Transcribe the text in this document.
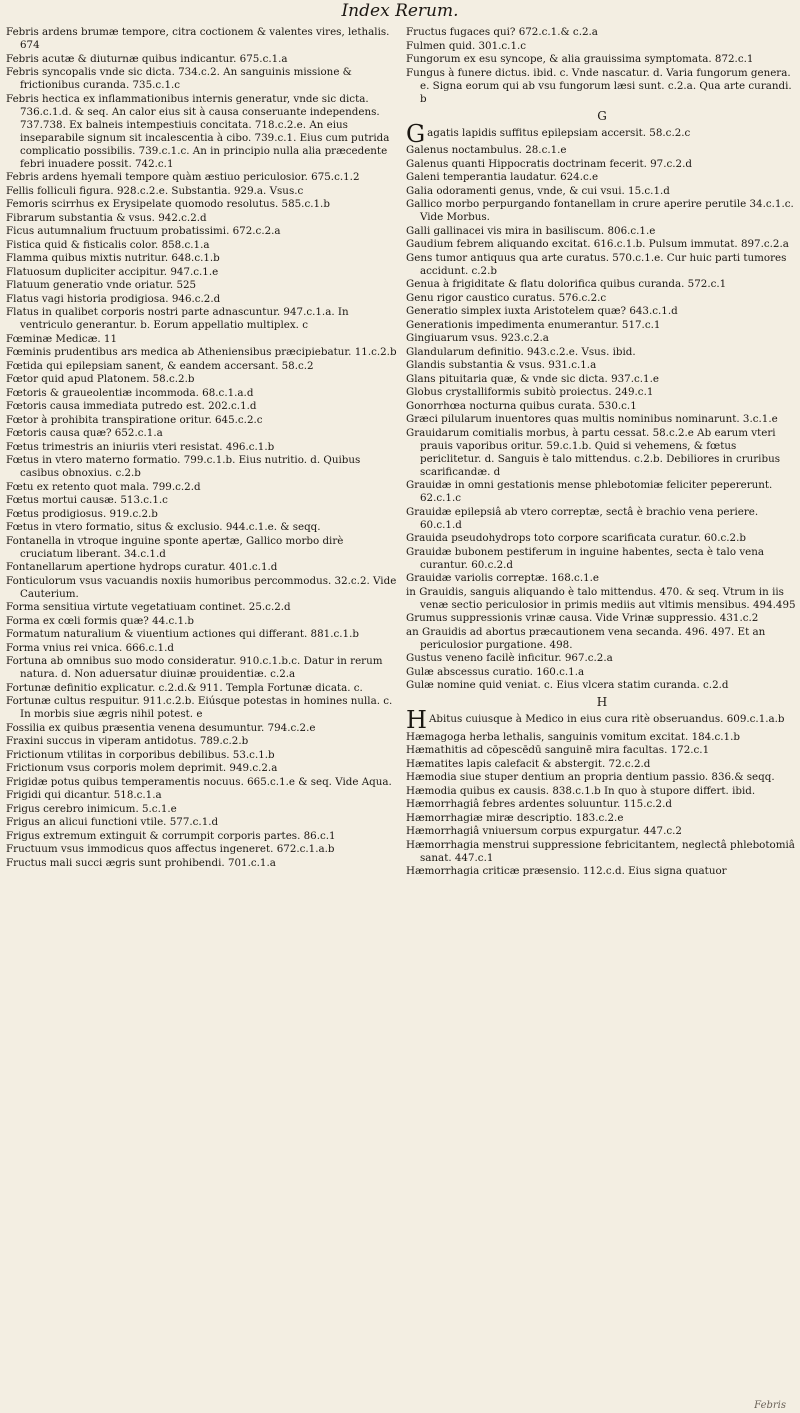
Index Rerum.
Febris ardens brumæ tempore, citra coctionem & valentes vires, lethalis. 674
Febris acutæ & diuturnæ quibus indicantur. 675.c.1.a
Febris syncopalis vnde sic dicta. 734.c.2. An sanguinis missione & frictionibus curanda. 735.c.1.c
Febris hectica ex inflammationibus internis generatur, vnde sic dicta. 736.c.1.d. & seq. An calor eius sit à causa conseruante independens. 737.738. Ex balneis intempestiuis concitata. 718.c.2.e. An eius inseparabile signum sit incalescentia à cibo. 739.c.1. Eius cum putrida complicatio possibilis. 739.c.1.c. An in principio nulla alia præcedente febri inuadere possit. 742.c.1
Febris ardens hyemali tempore quàm æstiuo periculosior. 675.c.1.2
Fellis folliculi figura. 928.c.2.e. Substantia. 929.a. Vsus.c
Femoris scirrhus ex Erysipelate quomodo resolutus. 585.c.1.b
Fibrarum substantia & vsus. 942.c.2.d
Ficus autumnalium fructuum probatissimi. 672.c.2.a
Fistica quid & fisticalis color. 858.c.1.a
Flamma quibus mixtis nutritur. 648.c.1.b
Flatuosum dupliciter accipitur. 947.c.1.e
Flatuum generatio vnde oriatur. 525
Flatus vagi historia prodigiosa. 946.c.2.d
Flatus in qualibet corporis nostri parte adnascuntur. 947.c.1.a. In ventriculo generantur. b. Eorum appellatio multiplex. c
Fœminæ Medicæ. 11
Fœminis prudentibus ars medica ab Atheniensibus præcipiebatur. 11.c.2.b
Fœtida qui epilepsiam sanent, & eandem accersant. 58.c.2
Fœtor quid apud Platonem. 58.c.2.b
Fœtoris & graueolentiæ incommoda. 68.c.1.a.d
Fœtoris causa immediata putredo est. 202.c.1.d
Fœtor à prohibita transpiratione oritur. 645.c.2.c
Fœtoris causa quæ? 652.c.1.a
Fœtus trimestris an iniuriis vteri resistat. 496.c.1.b
Fœtus in vtero materno formatio. 799.c.1.b. Eius nutritio. d. Quibus casibus obnoxius. c.2.b
Fœtu ex retento quot mala. 799.c.2.d
Fœtus mortui causæ. 513.c.1.c
Fœtus prodigiosus. 919.c.2.b
Fœtus in vtero formatio, situs & exclusio. 944.c.1.e. & seqq.
Fontanella in vtroque inguine sponte apertæ, Gallico morbo dirè cruciatum liberant. 34.c.1.d
Fontanellarum apertione hydrops curatur. 401.c.1.d
Fonticulorum vsus vacuandis noxiis humoribus percommodus. 32.c.2. Vide Cauterium.
Forma sensitiua virtute vegetatiuam continet. 25.c.2.d
Forma ex cœli formis quæ? 44.c.1.b
Formatum naturalium & viuentium actiones qui differant. 881.c.1.b
Forma vnius rei vnica. 666.c.1.d
Fortuna ab omnibus suo modo consideratur. 910.c.1.b.c. Datur in rerum natura. d. Non aduersatur diuinæ prouidentiæ. c.2.a
Fortunæ definitio explicatur. c.2.d.& 911. Templa Fortunæ dicata. c.
Fortunæ cultus respuitur. 911.c.2.b. Eiúsque potestas in homines nulla. c. In morbis siue ægris nihil potest. e
Fossilia ex quibus præsentia venena desumuntur. 794.c.2.e
Fraxini succus in viperam antidotus. 789.c.2.b
Frictionum vtilitas in corporibus debilibus. 53.c.1.b
Frictionum vsus corporis molem deprimit. 949.c.2.a
Frigidæ potus quibus temperamentis nocuus. 665.c.1.e & seq. Vide Aqua.
Frigidi qui dicantur. 518.c.1.a
Frigus cerebro inimicum. 5.c.1.e
Frigus an alicui functioni vtile. 577.c.1.d
Frigus extremum extinguit & corrumpit corporis partes. 86.c.1
Fructuum vsus immodicus quos affectus ingeneret. 672.c.1.a.b
Fructus mali succi ægris sunt prohibendi. 701.c.1.a
Fructus fugaces qui? 672.c.1.& c.2.a
Fulmen quid. 301.c.1.c
Fungorum ex esu syncope, & alia grauissima symptomata. 872.c.1
Fungus à funere dictus. ibid. c. Vnde nascatur. d. Varia fungorum genera. e. Signa eorum qui ab vsu fungorum læsi sunt. c.2.a. Qua arte curandi. b
G
Gagatis lapidis suffitus epilepsiam accersit. 58.c.2.c
Galenus noctambulus. 28.c.1.e
Galenus quanti Hippocratis doctrinam fecerit. 97.c.2.d
Galeni temperantia laudatur. 624.c.e
Galia odoramenti genus, vnde, & cui vsui. 15.c.1.d
Gallico morbo perpurgando fontanellam in crure aperire perutile 34.c.1.c. Vide Morbus.
Galli gallinacei vis mira in basiliscum. 806.c.1.e
Gaudium febrem aliquando excitat. 616.c.1.b. Pulsum immutat. 897.c.2.a
Gens tumor antiquus qua arte curatus. 570.c.1.e. Cur huic parti tumores accidunt. c.2.b
Genua à frigiditate & flatu dolorifica quibus curanda. 572.c.1
Genu rigor caustico curatus. 576.c.2.c
Generatio simplex iuxta Aristotelem quæ? 643.c.1.d
Generationis impedimenta enumerantur. 517.c.1
Gingiuarum vsus. 923.c.2.a
Glandularum definitio. 943.c.2.e. Vsus. ibid.
Glandis substantia & vsus. 931.c.1.a
Glans pituitaria quæ, & vnde sic dicta. 937.c.1.e
Globus crystalliformis subitò proiectus. 249.c.1
Gonorrhœa nocturna quibus curata. 530.c.1
Græci pilularum inuentores quas multis nominibus nominarunt. 3.c.1.e
Grauidarum comitialis morbus, à partu cessat. 58.c.2.e Ab earum vteri prauis vaporibus oritur. 59.c.1.b. Quid si vehemens, & fœtus periclitetur. d. Sanguis è talo mittendus. c.2.b. Debiliores in cruribus scarificandæ. d
Grauidæ in omni gestationis mense phlebotomiæ feliciter pepererunt. 62.c.1.c
Grauidæ epilepsiâ ab vtero correptæ, sectâ è brachio vena periere. 60.c.1.d
Grauida pseudohydrops toto corpore scarificata curatur. 60.c.2.b
Grauidæ bubonem pestiferum in inguine habentes, secta è talo vena curantur. 60.c.2.d
Grauidæ variolis correptæ. 168.c.1.e
in Grauidis, sanguis aliquando è talo mittendus. 470. & seq. Vtrum in iis venæ sectio periculosior in primis mediis aut vltimis mensibus. 494.495
Grumus suppressionis vrinæ causa. Vide Vrinæ suppressio. 431.c.2
an Grauidis ad abortus præcautionem vena secanda. 496. 497. Et an periculosior purgatione. 498.
Gustus veneno facilè inficitur. 967.c.2.a
Gulæ abscessus curatio. 160.c.1.a
Gulæ nomine quid veniat. c. Eius vlcera statim curanda. c.2.d
H
H Abitus cuiusque à Medico in eius cura ritè obseruandus. 609.c.1.a.b
Hæmagoga herba lethalis, sanguinis vomitum excitat. 184.c.1.b
Hæmathitis ad cōpescēdū sanguinē mira facultas. 172.c.1
Hæmatites lapis calefacit & abstergit. 72.c.2.d
Hæmodia siue stuper dentium an propria dentium passio. 836.& seqq.
Hæmodia quibus ex causis. 838.c.1.b In quo à stupore differt. ibid.
Hæmorrhagiâ febres ardentes soluuntur. 115.c.2.d
Hæmorrhagiæ miræ descriptio. 183.c.2.e
Hæmorrhagiâ vniuersum corpus expurgatur. 447.c.2
Hæmorrhagia menstrui suppressione febricitantem, neglectâ phlebotomiâ sanat. 447.c.1
Hæmorrhagia criticæ præsensio. 112.c.d. Eius signa quatuor
Febris
